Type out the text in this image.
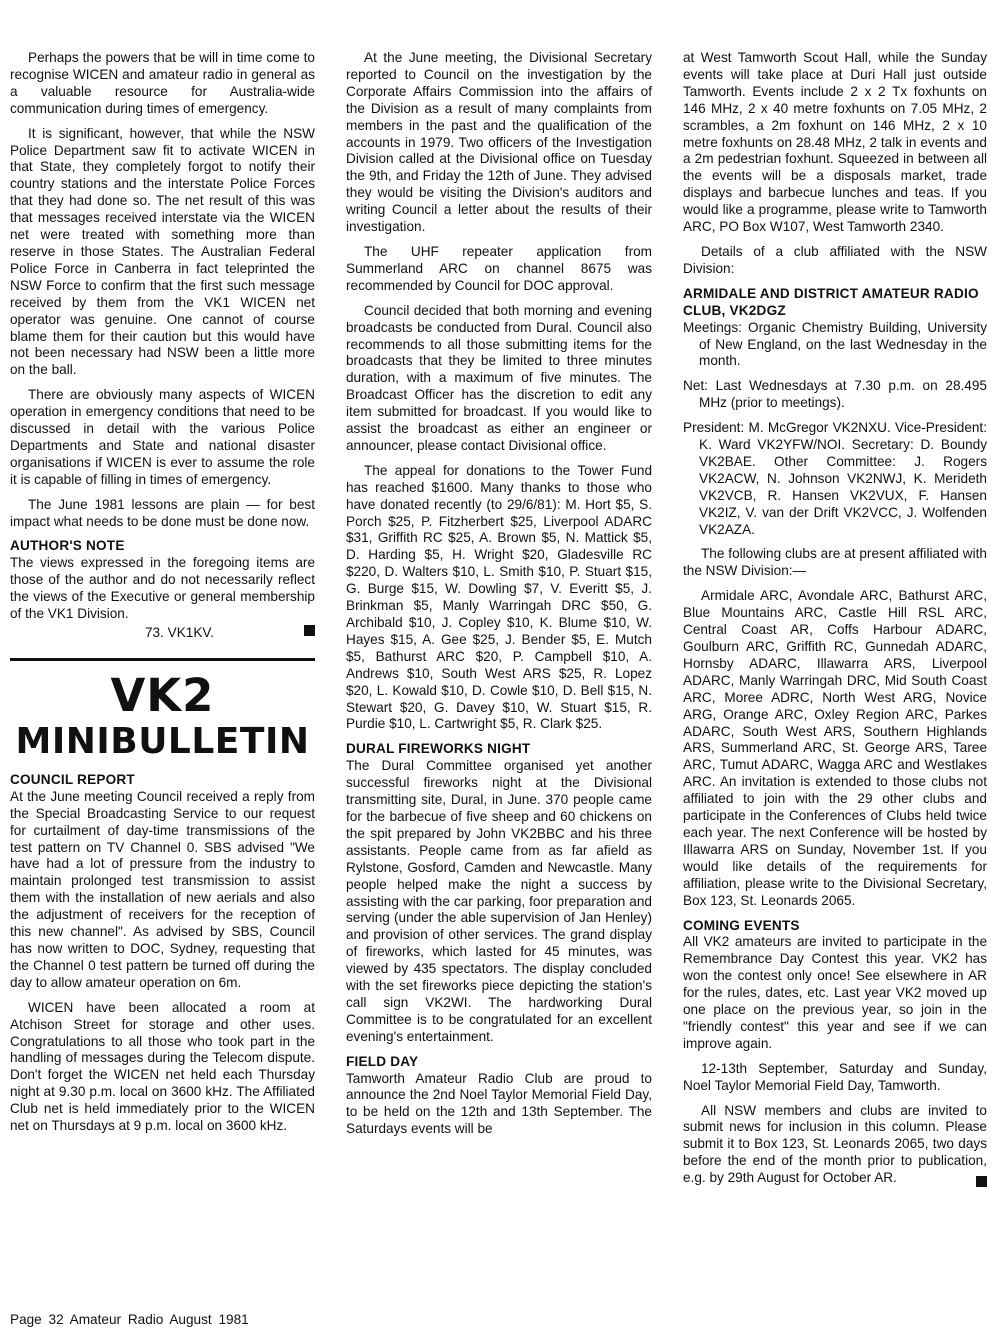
Perhaps the powers that be will in time come to recognise WICEN and amateur radio in general as a valuable resource for Australia-wide communication during times of emergency.

It is significant, however, that while the NSW Police Department saw fit to activate WICEN in that State, they completely forgot to notify their country stations and the interstate Police Forces that they had done so. The net result of this was that messages received interstate via the WICEN net were treated with something more than reserve in those States. The Australian Federal Police Force in Canberra in fact teleprinted the NSW Force to confirm that the first such message received by them from the VK1 WICEN net operator was genuine. One cannot of course blame them for their caution but this would have not been necessary had NSW been a little more on the ball.

There are obviously many aspects of WICEN operation in emergency conditions that need to be discussed in detail with the various Police Departments and State and national disaster organisations if WICEN is ever to assume the role it is capable of filling in times of emergency.

The June 1981 lessons are plain — for best impact what needs to be done must be done now.

AUTHOR'S NOTE

The views expressed in the foregoing items are those of the author and do not necessarily reflect the views of the Executive or general membership of the VK1 Division.

73. VK1KV.
VK2
MINIBULLETIN
COUNCIL REPORT

At the June meeting Council received a reply from the Special Broadcasting Service to our request for curtailment of day-time transmissions of the test pattern on TV Channel 0. SBS advised "We have had a lot of pressure from the industry to maintain prolonged test transmission to assist them with the installation of new aerials and also the adjustment of receivers for the reception of this new channel". As advised by SBS, Council has now written to DOC, Sydney, requesting that the Channel 0 test pattern be turned off during the day to allow amateur operation on 6m.

WICEN have been allocated a room at Atchison Street for storage and other uses. Congratulations to all those who took part in the handling of messages during the Telecom dispute. Don't forget the WICEN net held each Thursday night at 9.30 p.m. local on 3600 kHz. The Affiliated Club net is held immediately prior to the WICEN net on Thursdays at 9 p.m. local on 3600 kHz.

At the June meeting, the Divisional Secretary reported to Council on the investigation by the Corporate Affairs Commission into the affairs of the Division as a result of many complaints from members in the past and the qualification of the accounts in 1979. Two officers of the Investigation Division called at the Divisional office on Tuesday the 9th, and Friday the 12th of June. They advised they would be visiting the Division's auditors and writing Council a letter about the results of their investigation.

The UHF repeater application from Summerland ARC on channel 8675 was recommended by Council for DOC approval.

Council decided that both morning and evening broadcasts be conducted from Dural. Council also recommends to all those submitting items for the broadcasts that they be limited to three minutes duration, with a maximum of five minutes. The Broadcast Officer has the discretion to edit any item submitted for broadcast. If you would like to assist the broadcast as either an engineer or announcer, please contact Divisional office.

The appeal for donations to the Tower Fund has reached $1600. Many thanks to those who have donated recently (to 29/6/81): M. Hort $5, S. Porch $25, P. Fitzherbert $25, Liverpool ADARC $31, Griffith RC $25, A. Brown $5, N. Mattick $5, D. Harding $5, H. Wright $20, Gladesville RC $220, D. Walters $10, L. Smith $10, P. Stuart $15, G. Burge $15, W. Dowling $7, V. Everitt $5, J. Brinkman $5, Manly Warringah DRC $50, G. Archibald $10, J. Copley $10, K. Blume $10, W. Hayes $15, A. Gee $25, J. Bender $5, E. Mutch $5, Bathurst ARC $20, P. Campbell $10, A. Andrews $10, South West ARS $25, R. Lopez $20, L. Kowald $10, D. Cowle $10, D. Bell $15, N. Stewart $20, G. Davey $10, W. Stuart $15, R. Purdie $10, L. Cartwright $5, R. Clark $25.

DURAL FIREWORKS NIGHT

The Dural Committee organised yet another successful fireworks night at the Divisional transmitting site, Dural, in June. 370 people came for the barbecue of five sheep and 60 chickens on the spit prepared by John VK2BBC and his three assistants. People came from as far afield as Rylstone, Gosford, Camden and Newcastle. Many people helped make the night a success by assisting with the car parking, foor preparation and serving (under the able supervision of Jan Henley) and provision of other services. The grand display of fireworks, which lasted for 45 minutes, was viewed by 435 spectators. The display concluded with the set fireworks piece depicting the station's call sign VK2WI. The hardworking Dural Committee is to be congratulated for an excellent evening's entertainment.

FIELD DAY

Tamworth Amateur Radio Club are proud to announce the 2nd Noel Taylor Memorial Field Day, to be held on the 12th and 13th September. The Saturdays events will be

at West Tamworth Scout Hall, while the Sunday events will take place at Duri Hall just outside Tamworth. Events include 2 x 2 Tx foxhunts on 146 MHz, 2 x 40 metre foxhunts on 7.05 MHz, 2 scrambles, a 2m foxhunt on 146 MHz, 2 x 10 metre foxhunts on 28.48 MHz, 2 talk in events and a 2m pedestrian foxhunt. Squeezed in between all the events will be a disposals market, trade displays and barbecue lunches and teas. If you would like a programme, please write to Tamworth ARC, PO Box W107, West Tamworth 2340.

Details of a club affiliated with the NSW Division:

ARMIDALE AND DISTRICT AMATEUR RADIO CLUB, VK2DGZ

Meetings: Organic Chemistry Building, University of New England, on the last Wednesday in the month.

Net: Last Wednesdays at 7.30 p.m. on 28.495 MHz (prior to meetings).

President: M. McGregor VK2NXU. Vice-President: K. Ward VK2YFW/NOI. Secretary: D. Boundy VK2BAE. Other Committee: J. Rogers VK2ACW, N. Johnson VK2NWJ, K. Merideth VK2VCB, R. Hansen VK2VUX, F. Hansen VK2IZ, V. van der Drift VK2VCC, J. Wolfenden VK2AZA.

The following clubs are at present affiliated with the NSW Division:—

Armidale ARC, Avondale ARC, Bathurst ARC, Blue Mountains ARC, Castle Hill RSL ARC, Central Coast AR, Coffs Harbour ADARC, Goulburn ARC, Griffith RC, Gunnedah ADARC, Hornsby ADARC, Illawarra ARS, Liverpool ADARC, Manly Warringah DRC, Mid South Coast ARC, Moree ADRC, North West ARG, Novice ARG, Orange ARC, Oxley Region ARC, Parkes ADARC, South West ARS, Southern Highlands ARS, Summerland ARC, St. George ARS, Taree ARC, Tumut ADARC, Wagga ARC and Westlakes ARC. An invitation is extended to those clubs not affiliated to join with the 29 other clubs and participate in the Conferences of Clubs held twice each year. The next Conference will be hosted by Illawarra ARS on Sunday, November 1st. If you would like details of the requirements for affiliation, please write to the Divisional Secretary, Box 123, St. Leonards 2065.

COMING EVENTS

All VK2 amateurs are invited to participate in the Remembrance Day Contest this year. VK2 has won the contest only once! See elsewhere in AR for the rules, dates, etc. Last year VK2 moved up one place on the previous year, so join in the "friendly contest" this year and see if we can improve again.

12-13th September, Saturday and Sunday, Noel Taylor Memorial Field Day, Tamworth.

All NSW members and clubs are invited to submit news for inclusion in this column. Please submit it to Box 123, St. Leonards 2065, two days before the end of the month prior to publication, e.g. by 29th August for October AR.

Page 32 Amateur Radio August 1981
